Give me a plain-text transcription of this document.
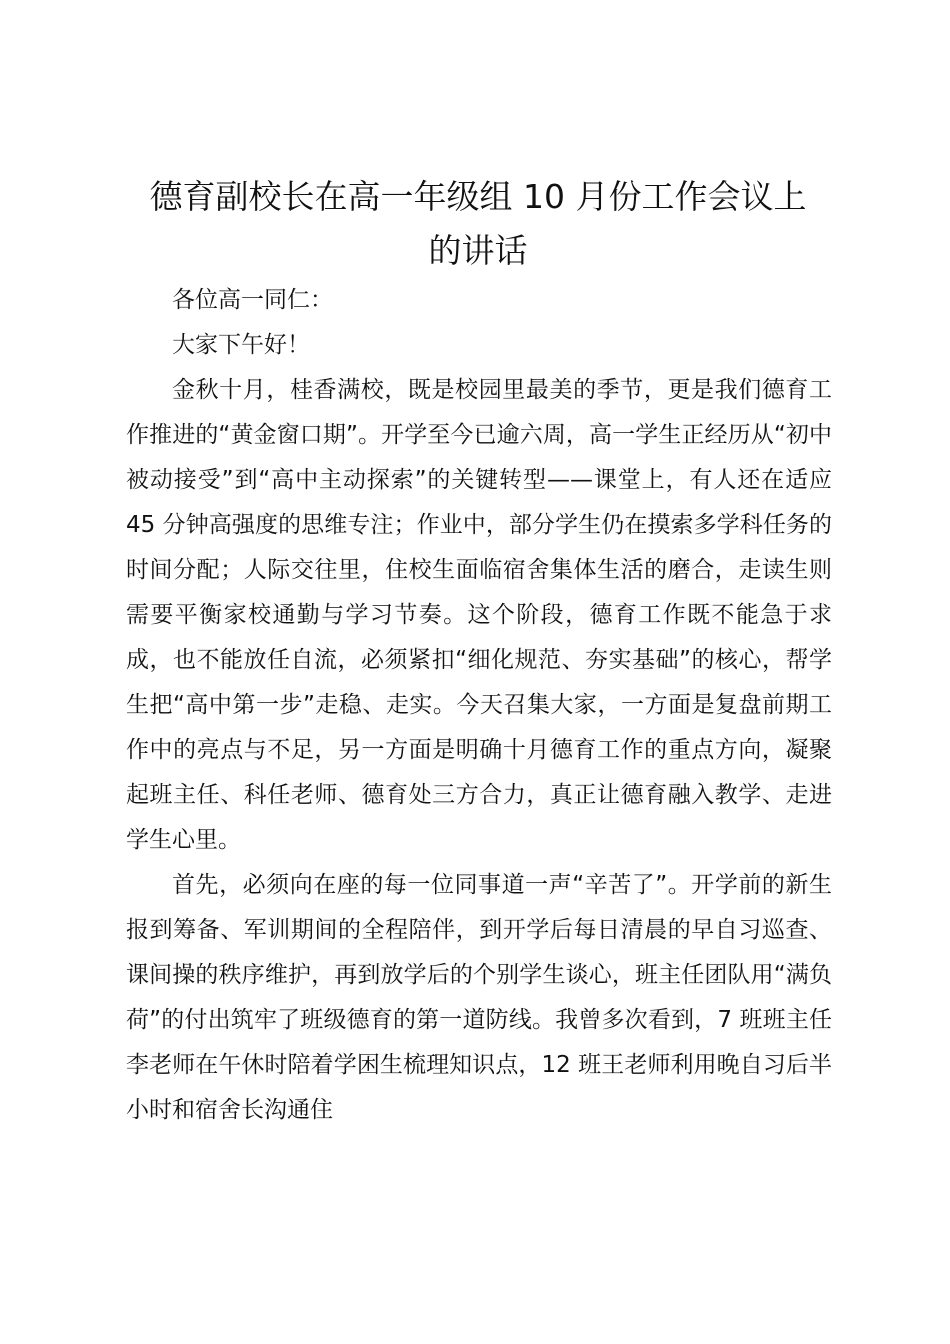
德育副校长在高一年级组 10 月份工作会议上
的讲话

各位高一同仁：

大家下午好！

金秋十月，桂香满校，既是校园里最美的季节，更是我们德育工作推进的“黄金窗口期”。开学至今已逾六周，高一学生正经历从“初中被动接受”到“高中主动探索”的关键转型——课堂上，有人还在适应 45 分钟高强度的思维专注；作业中，部分学生仍在摸索多学科任务的时间分配；人际交往里，住校生面临宿舍集体生活的磨合，走读生则需要平衡家校通勤与学习节奏。这个阶段，德育工作既不能急于求成，也不能放任自流，必须紧扣“细化规范、夯实基础”的核心，帮学生把“高中第一步”走稳、走实。今天召集大家，一方面是复盘前期工作中的亮点与不足，另一方面是明确十月德育工作的重点方向，凝聚起班主任、科任老师、德育处三方合力，真正让德育融入教学、走进学生心里。

首先，必须向在座的每一位同事道一声“辛苦了”。开学前的新生报到筹备、军训期间的全程陪伴，到开学后每日清晨的早自习巡查、课间操的秩序维护，再到放学后的个别学生谈心，班主任团队用“满负荷”的付出筑牢了班级德育的第一道防线。我曾多次看到，7 班班主任李老师在午休时陪着学困生梳理知识点，12 班王老师利用晚自习后半小时和宿舍长沟通住
